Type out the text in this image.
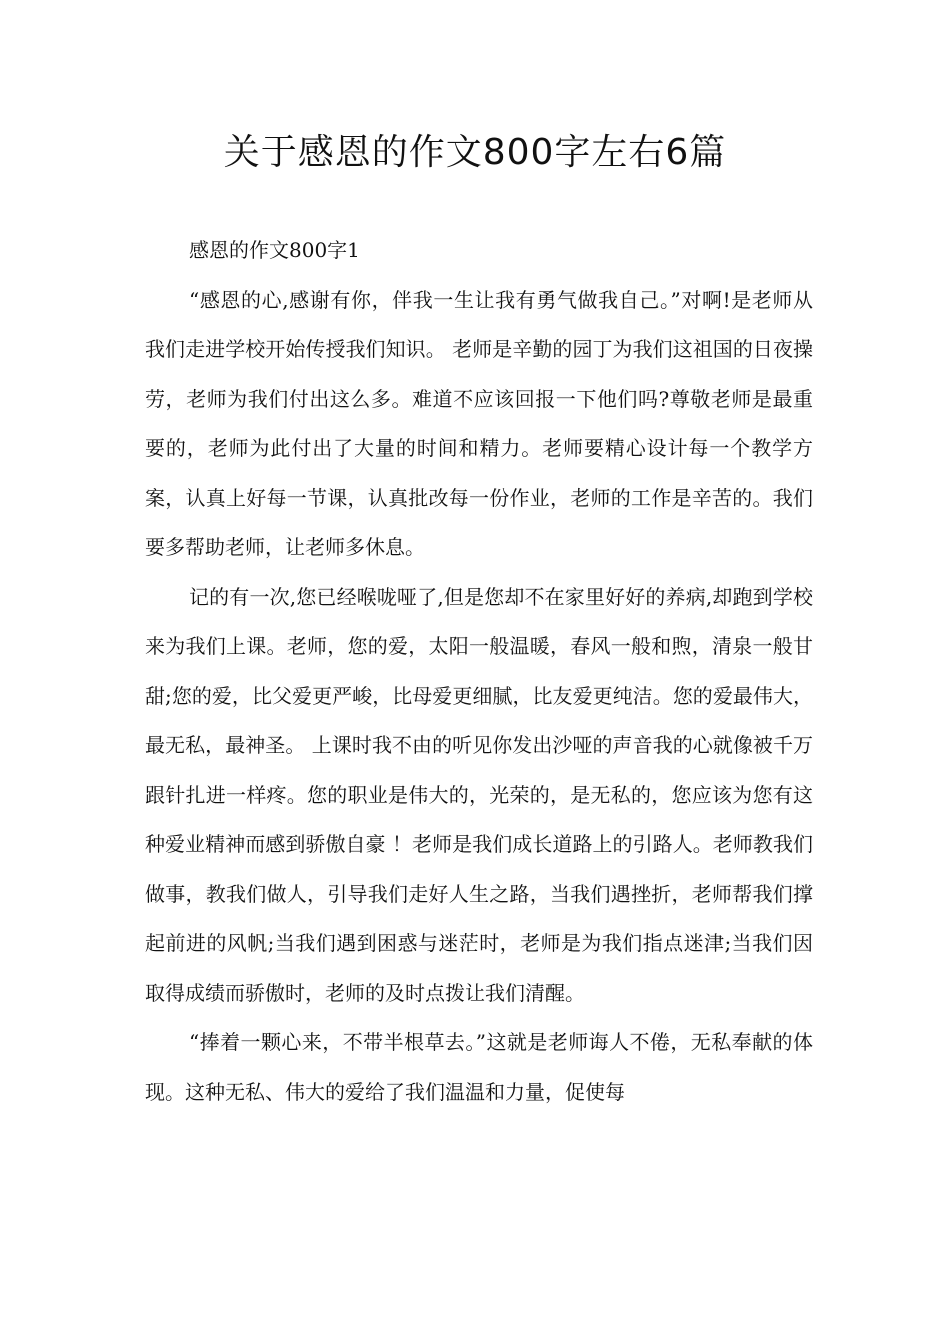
关于感恩的作文800字左右6篇

感恩的作文800字1

“感恩的心,感谢有你，伴我一生让我有勇气做我自己。”对啊!是老师从我们走进学校开始传授我们知识。 老师是辛勤的园丁为我们这祖国的日夜操劳，老师为我们付出这么多。难道不应该回报一下他们吗?尊敬老师是最重要的，老师为此付出了大量的时间和精力。老师要精心设计每一个教学方案，认真上好每一节课，认真批改每一份作业，老师的工作是辛苦的。我们要多帮助老师，让老师多休息。

记的有一次,您已经喉咙哑了,但是您却不在家里好好的养病,却跑到学校来为我们上课。老师，您的爱，太阳一般温暖，春风一般和煦，清泉一般甘甜;您的爱，比父爱更严峻，比母爱更细腻，比友爱更纯洁。您的爱最伟大，最无私，最神圣。 上课时我不由的听见你发出沙哑的声音我的心就像被千万跟针扎进一样疼。您的职业是伟大的，光荣的，是无私的，您应该为您有这种爱业精神而感到骄傲自豪 ！老师是我们成长道路上的引路人。老师教我们做事，教我们做人，引导我们走好人生之路，当我们遇挫折，老师帮我们撑起前进的风帆;当我们遇到困惑与迷茫时，老师是为我们指点迷津;当我们因取得成绩而骄傲时，老师的及时点拨让我们清醒。

“捧着一颗心来，不带半根草去。”这就是老师诲人不倦，无私奉献的体现。这种无私、伟大的爱给了我们温温和力量，促使每
